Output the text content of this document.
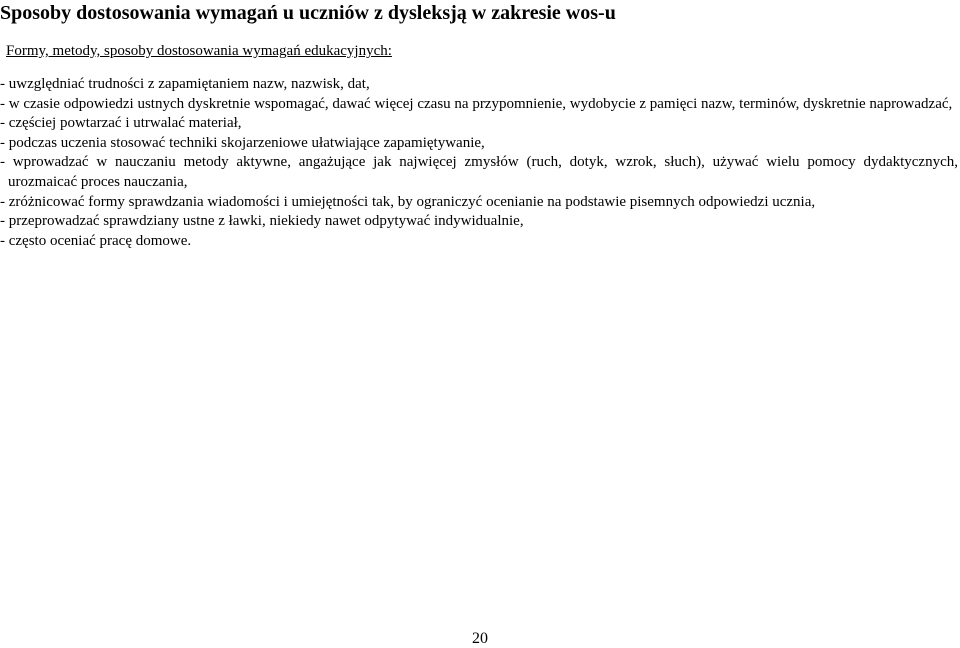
Sposoby dostosowania wymagań u uczniów z dysleksją w zakresie wos-u
Formy, metody, sposoby dostosowania wymagań edukacyjnych:
- uwzględniać trudności z zapamiętaniem nazw, nazwisk, dat,
- w czasie odpowiedzi ustnych dyskretnie wspomagać, dawać więcej czasu na przypomnienie, wydobycie z pamięci nazw, terminów, dyskretnie naprowadzać,
- częściej powtarzać i utrwalać materiał,
- podczas uczenia stosować techniki skojarzeniowe ułatwiające zapamiętywanie,
- wprowadzać w nauczaniu metody aktywne, angażujące jak najwięcej zmysłów (ruch, dotyk, wzrok, słuch), używać wielu pomocy dydaktycznych, urozmaicać proces nauczania,
- zróżnicować formy sprawdzania wiadomości i umiejętności tak, by ograniczyć ocenianie na podstawie pisemnych odpowiedzi ucznia,
- przeprowadzać sprawdziany ustne z ławki, niekiedy nawet odpytywać indywidualnie,
- często oceniać pracę domowe.
20
